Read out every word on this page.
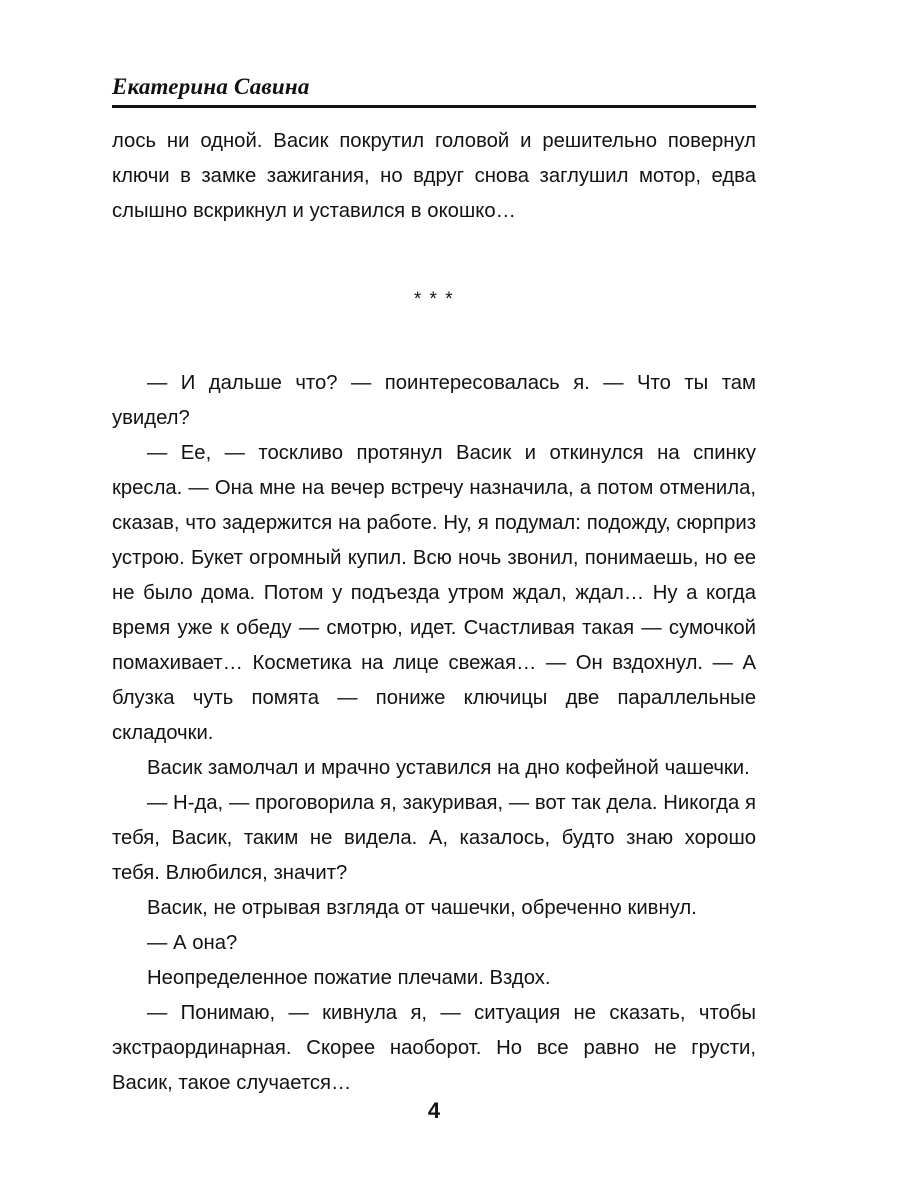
Екатерина Савина

лось ни одной. Васик покрутил головой и решительно повернул ключи в замке зажигания, но вдруг снова заглушил мотор, едва слышно вскрикнул и уставился в окошко…

* * *

— И дальше что? — поинтересовалась я. — Что ты там увидел?

— Ее, — тоскливо протянул Васик и откинулся на спинку кресла. — Она мне на вечер встречу назначила, а потом отменила, сказав, что задержится на работе. Ну, я подумал: подожду, сюрприз устрою. Букет огромный купил. Всю ночь звонил, понимаешь, но ее не было дома. Потом у подъезда утром ждал, ждал… Ну а когда время уже к обеду — смотрю, идет. Счастливая такая — сумочкой помахивает… Косметика на лице свежая… — Он вздохнул. — А блузка чуть помята — пониже ключицы две параллельные складочки.

Васик замолчал и мрачно уставился на дно кофейной чашечки.

— Н-да, — проговорила я, закуривая, — вот так дела. Никогда я тебя, Васик, таким не видела. А, казалось, будто знаю хорошо тебя. Влюбился, значит?

Васик, не отрывая взгляда от чашечки, обреченно кивнул.

— А она?

Неопределенное пожатие плечами. Вздох.

— Понимаю, — кивнула я, — ситуация не сказать, чтобы экстраординарная. Скорее наоборот. Но все равно не грусти, Васик, такое случается…

4
